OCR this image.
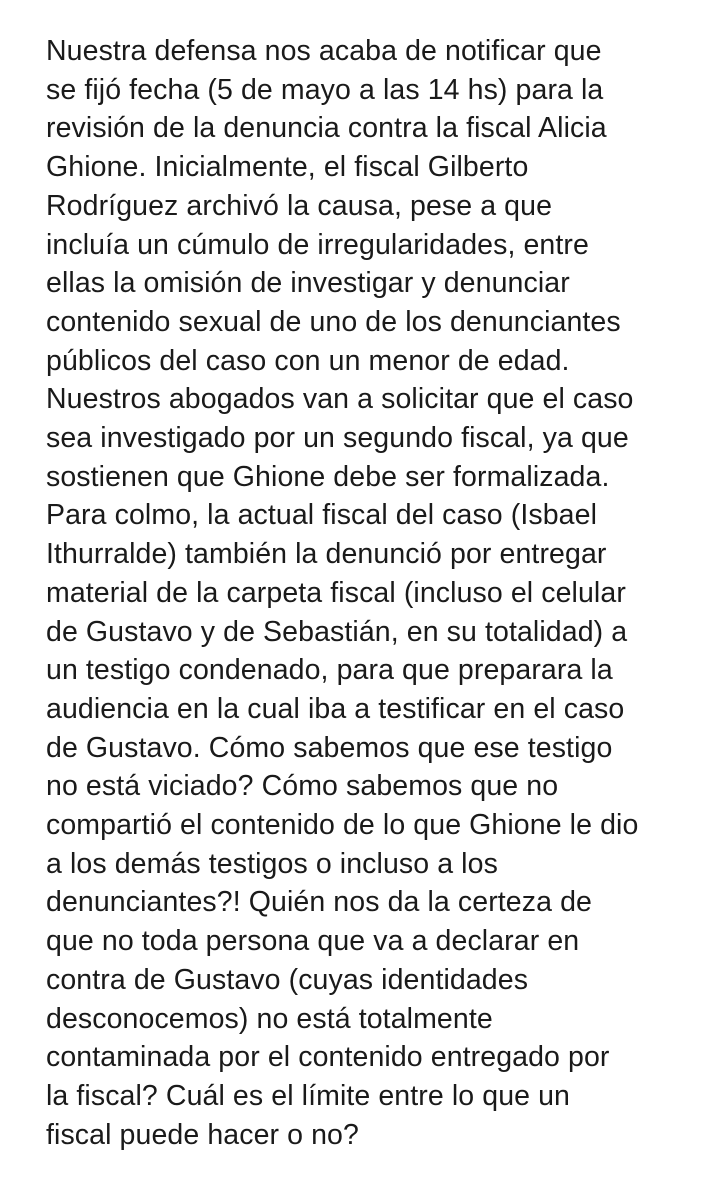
Nuestra defensa nos acaba de notificar que
se fijó fecha (5 de mayo a las 14 hs) para la
revisión de la denuncia contra la fiscal Alicia
Ghione. Inicialmente, el fiscal Gilberto
Rodríguez archivó la causa, pese a que
incluía un cúmulo de irregularidades, entre
ellas la omisión de investigar y denunciar
contenido sexual de uno de los denunciantes
públicos del caso con un menor de edad.
Nuestros abogados van a solicitar que el caso
sea investigado por un segundo fiscal, ya que
sostienen que Ghione debe ser formalizada.
Para colmo, la actual fiscal del caso (Isbael
Ithurralde) también la denunció por entregar
material de la carpeta fiscal (incluso el celular
de Gustavo y de Sebastián, en su totalidad) a
un testigo condenado, para que preparara la
audiencia en la cual iba a testificar en el caso
de Gustavo. Cómo sabemos que ese testigo
no está viciado? Cómo sabemos que no
compartió el contenido de lo que Ghione le dio
a los demás testigos o incluso a los
denunciantes?! Quién nos da la certeza de
que no toda persona que va a declarar en
contra de Gustavo (cuyas identidades
desconocemos) no está totalmente
contaminada por el contenido entregado por
la fiscal? Cuál es el límite entre lo que un
fiscal puede hacer o no?
